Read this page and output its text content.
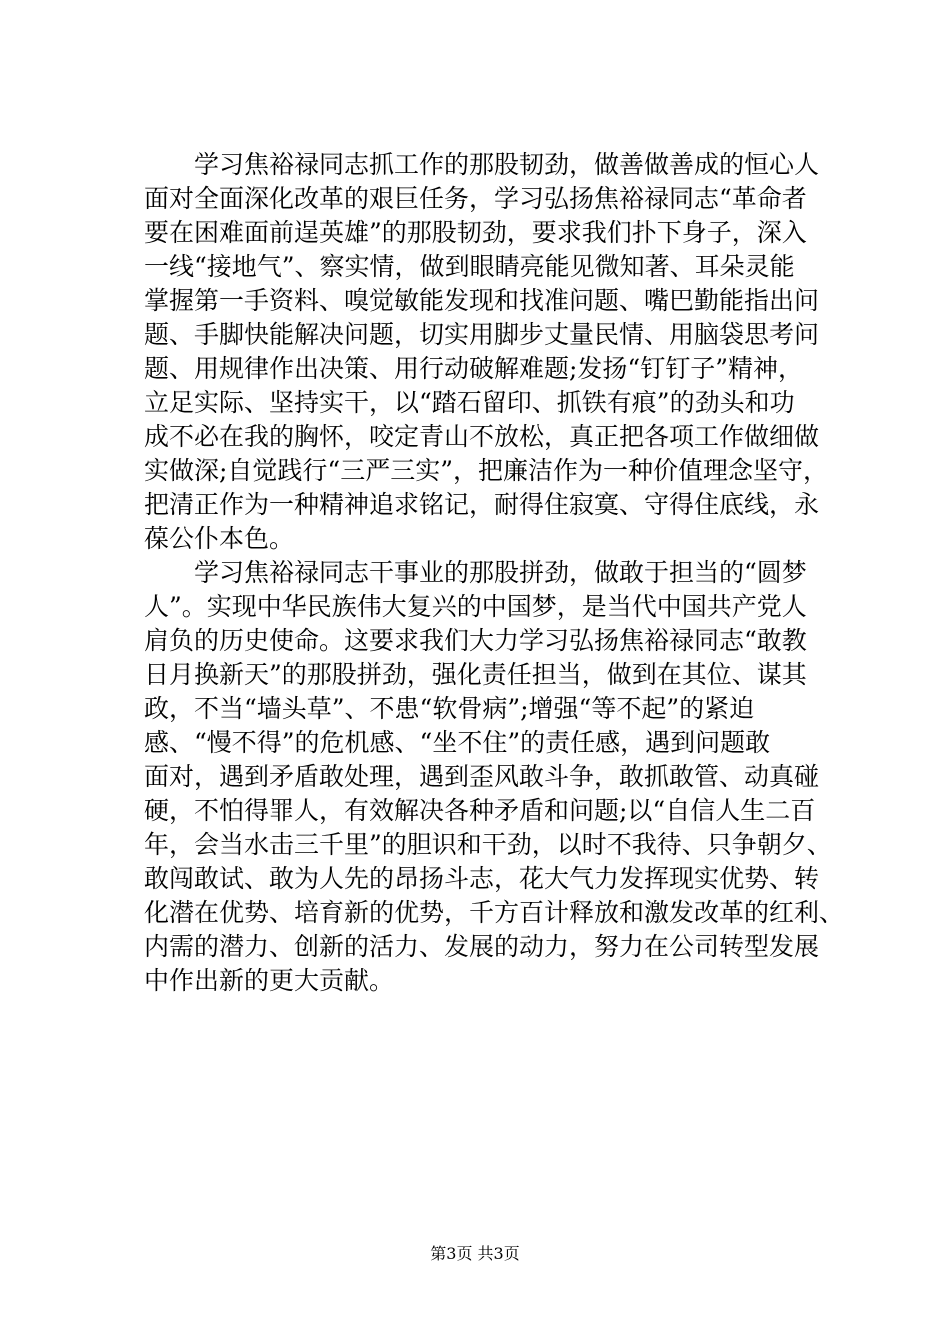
　　学习焦裕禄同志抓工作的那股韧劲，做善做善成的恒心人
面对全面深化改革的艰巨任务，学习弘扬焦裕禄同志“革命者
要在困难面前逞英雄”的那股韧劲，要求我们扑下身子，深入
一线“接地气”、察实情，做到眼睛亮能见微知著、耳朵灵能
掌握第一手资料、嗅觉敏能发现和找准问题、嘴巴勤能指出问
题、手脚快能解决问题，切实用脚步丈量民情、用脑袋思考问
题、用规律作出决策、用行动破解难题;发扬“钉钉子”精神，
立足实际、坚持实干，以“踏石留印、抓铁有痕”的劲头和功
成不必在我的胸怀，咬定青山不放松，真正把各项工作做细做
实做深;自觉践行“三严三实”，把廉洁作为一种价值理念坚守，
把清正作为一种精神追求铭记，耐得住寂寞、守得住底线，永
葆公仆本色。
　　学习焦裕禄同志干事业的那股拼劲，做敢于担当的“圆梦
人”。实现中华民族伟大复兴的中国梦，是当代中国共产党人
肩负的历史使命。这要求我们大力学习弘扬焦裕禄同志“敢教
日月换新天”的那股拼劲，强化责任担当，做到在其位、谋其
政，不当“墙头草”、不患“软骨病”;增强“等不起”的紧迫
感、“慢不得”的危机感、“坐不住”的责任感，遇到问题敢
面对，遇到矛盾敢处理，遇到歪风敢斗争，敢抓敢管、动真碰
硬，不怕得罪人，有效解决各种矛盾和问题;以“自信人生二百
年，会当水击三千里”的胆识和干劲，以时不我待、只争朝夕、
敢闯敢试、敢为人先的昂扬斗志，花大气力发挥现实优势、转
化潜在优势、培育新的优势，千方百计释放和激发改革的红利、
内需的潜力、创新的活力、发展的动力，努力在公司转型发展
中作出新的更大贡献。
第3页 共3页
